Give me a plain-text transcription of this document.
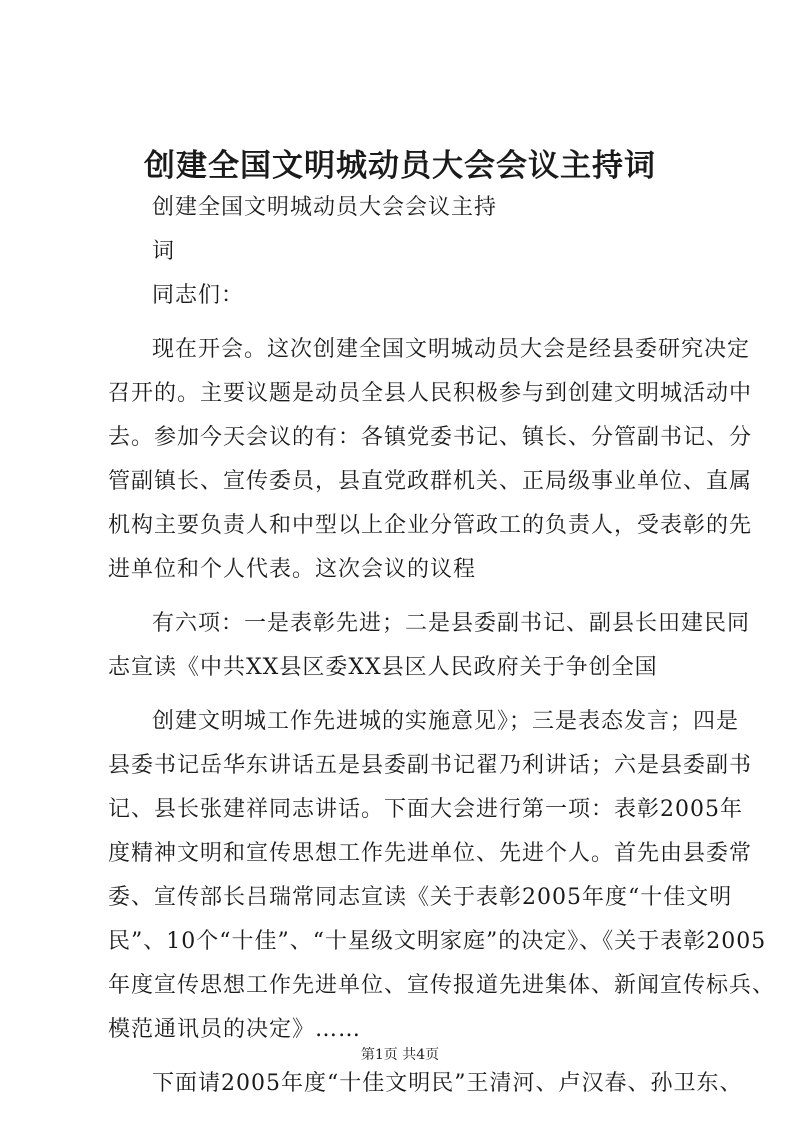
创建全国文明城动员大会会议主持词
创建全国文明城动员大会会议主持
词
同志们：
现在开会。这次创建全国文明城动员大会是经县委研究决定
召开的。主要议题是动员全县人民积极参与到创建文明城活动中
去。参加今天会议的有：各镇党委书记、镇长、分管副书记、分
管副镇长、宣传委员，县直党政群机关、正局级事业单位、直属
机构主要负责人和中型以上企业分管政工的负责人，受表彰的先
进单位和个人代表。这次会议的议程
有六项：一是表彰先进；二是县委副书记、副县长田建民同
志宣读《中共XX县区委XX县区人民政府关于争创全国
创建文明城工作先进城的实施意见》；三是表态发言；四是
县委书记岳华东讲话五是县委副书记翟乃利讲话；六是县委副书
记、县长张建祥同志讲话。下面大会进行第一项：表彰2005年
度精神文明和宣传思想工作先进单位、先进个人。首先由县委常
委、宣传部长吕瑞常同志宣读《关于表彰2005年度“十佳文明
民”、10个“十佳”、“十星级文明家庭”的决定》、《关于表彰2005
年度宣传思想工作先进单位、宣传报道先进集体、新闻宣传标兵、
模范通讯员的决定》……
下面请2005年度“十佳文明民”王清河、卢汉春、孙卫东、
第1页 共4页
